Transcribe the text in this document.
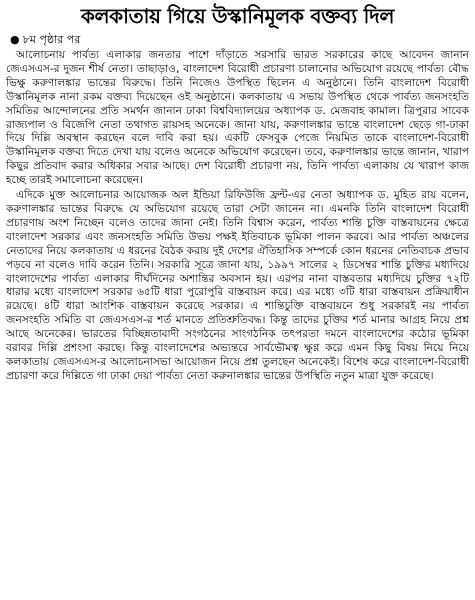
কলকাতায় গিয়ে উস্কানিমূলক বক্তব্য দিল
● ৮ম পৃষ্ঠার পর

আলোচনায় পার্বত্য এলাকার জনতার পাশে দাঁড়াতে সরসারি ভারত সরকারের কাছে আবেদন জানান জেএসএস-র দুজন শীর্ষ নেতা। তাছাড়াও, বাংলাদেশ বিরোধী প্রচারণা চালানোর অভিযোগ রয়েছে পার্বত্য বৌদ্ধ ভিক্ষু করুণালঙ্কার ভান্তের বিরুদ্ধে। তিনি নিজেও উপস্থিত ছিলেন এ অনুষ্ঠানে। তিনি বাংলাদেশ বিরোধী উস্কানিমূলক নানা রকম বক্তব্য দিয়েছেন ওই অনুষ্ঠানে। কলকাতায় এ সভায় উপস্থিত থেকে পার্বত্য জনসংহতি সমিতির আন্দোলনের প্রতি সমর্থন জানান ঢাকা বিশ্ববিদ্যালয়ের অধ্যাপক ড. মেজবাহ কামাল। ত্রিপুরার সাবেক রাজ্যপাল ও বিজেপি নেতা তথাগত রায়সহ অনেকে। জানা যায়, করুণালঙ্কার ভান্তে বাংলাদেশ ছেড়ে গা-ঢাকা দিয়ে দিল্লি অবস্থান করছেন বলে দাবি করা হয়। একটি ফেসবুক পেজে নিয়মিত তাকে বাংলাদেশ-বিরোধী উস্কানিমূলক বক্তব্য দিতে দেখা যায় বলেও অনেকে অভিযোগ করেছেন। তবে, করুণালঙ্কার ভান্তে জানান, খারাপ কিছুর প্রতিবাদ করার অধিকার সবার আছে। দেশ বিরোধী প্রচারণা নয়, তিনি পার্বত্য এলাকায় যে খারাপ কাজ হচ্ছে তারই সমালোচনা করেছেন।

এদিকে মুক্ত আলোচনার আয়োজক অল ইন্ডিয়া রিফিউজি ফ্রন্ট-এর নেতা অধ্যাপক ড. মুহিত রায় বলেন, করুণালঙ্কার ভান্তের বিরুদ্ধে যে অভিযোগ রয়েছে তারা সেটা জানেন না। এমনকি তিনি বাংলাদেশ বিরোধী প্রচারণায় অংশ নিচ্ছেন বলেও তাদের জানা নেই। তিনি বিশ্বাস করেন, পার্বত্য শান্তি চুক্তি বাস্তবায়নের ক্ষেত্রে বাংলাদেশ সরকার এবং জনসংহতি সমিতি উভয় পক্ষই ইতিবাচক ভূমিকা পালন করবে। আর পার্বত্য অঞ্চলের নেতাদের নিয়ে কলকাতায় এ ধরনের বৈঠক করায় দুই দেশের ঐতিহাসিক সম্পর্কে কোন ধরনের নেতিবাচক প্রভাব পড়বে না বলেও দাবি করেন তিনি। সরকারি সূত্রে জানা যায়, ১৯৯৭ সালের ২ ডিসেম্বর শান্তি চুক্তির মধ্যদিয়ে বাংলাদেশের পার্বত্য এলাকার দীর্ঘদিনের অশান্তির অবসান হয়। এরপর নানা বাস্তবতার মধ্যদিয়ে চুক্তির ৭২টি ধারার মধ্যে বাংলাদেশ সরকার ৬৫টি ধারা পুরোপুরি বাস্তবায়ন করে। এর মধ্যে ৩টি ধারা বাস্তবায়ন প্রক্রিয়াধীন রয়েছে। ৪টি ধারা আংশিক বাস্তবায়ন করেছে সরকার। এ শান্তিচুক্তি বাস্তবায়নে শুধু সরকারই নয় পার্বত্য জনসংহতি সমিতি বা জেএসএস-র শর্ত মানতে প্রতিশ্রুতিবদ্ধ। কিন্তু তাদের চুক্তির শর্ত মানার আগ্রহ নিয়ে প্রশ্ন আছে অনেকের। ভারতের বিচ্ছিন্নতাবাদী সংগঠনের সাংগঠনিক তৎপরতা দমনে বাংলাদেশের কঠোর ভূমিকা বরাবর দিল্লি প্রশংসা করছে। কিন্তু বাংলাদেশের অভ্যন্তরে সার্বভৌমত্ব ক্ষুণ্ণ করে এমন কিছু বিষয় নিয়ে নিয়ে কলকাতায় জেএসএস-র আলোচনাসভা আয়োজন নিয়ে প্রশ্ন তুলছেন অনেকেই। বিশেষ করে বাংলাদেশ-বিরোধী প্রচারণা করে দিল্লিতে গা ঢাকা দেয়া পার্বত্য নেতা করুনালঙ্কার ভান্তের উপস্থিতি নতুন মাত্রা যুক্ত করেছে।
